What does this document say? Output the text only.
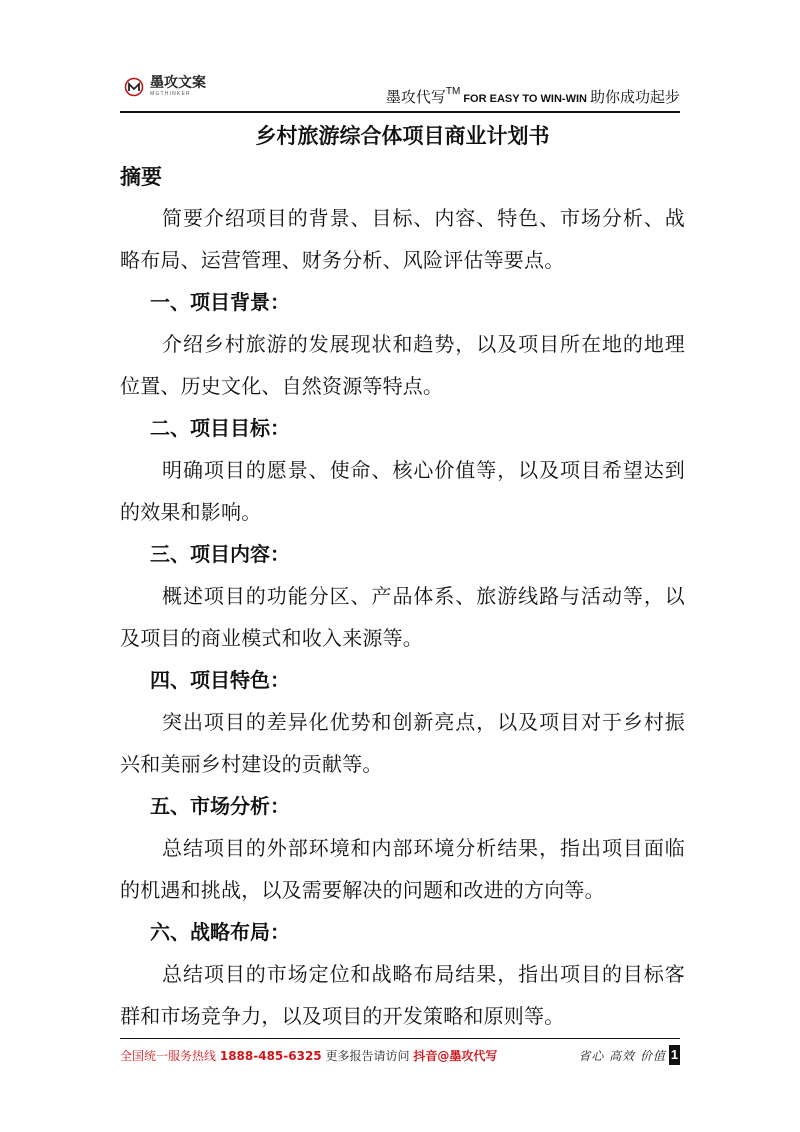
墨攻文案
MGTHINKER	墨攻代写™FOR EASY TO WIN-WIN 助你成功起步
乡村旅游综合体项目商业计划书
摘要

简要介绍项目的背景、目标、内容、特色、市场分析、战略布局、运营管理、财务分析、风险评估等要点。

一、项目背景：

介绍乡村旅游的发展现状和趋势，以及项目所在地的地理位置、历史文化、自然资源等特点。

二、项目目标：

明确项目的愿景、使命、核心价值等，以及项目希望达到的效果和影响。

三、项目内容：

概述项目的功能分区、产品体系、旅游线路与活动等，以及项目的商业模式和收入来源等。

四、项目特色：

突出项目的差异化优势和创新亮点，以及项目对于乡村振兴和美丽乡村建设的贡献等。

五、市场分析：

总结项目的外部环境和内部环境分析结果，指出项目面临的机遇和挑战，以及需要解决的问题和改进的方向等。

六、战略布局：

总结项目的市场定位和战略布局结果，指出项目的目标客群和市场竞争力，以及项目的开发策略和原则等。

全国统一服务热线 1888-485-6325 更多报告请访问 抖音@墨攻代写	省心 高效 价值 1
